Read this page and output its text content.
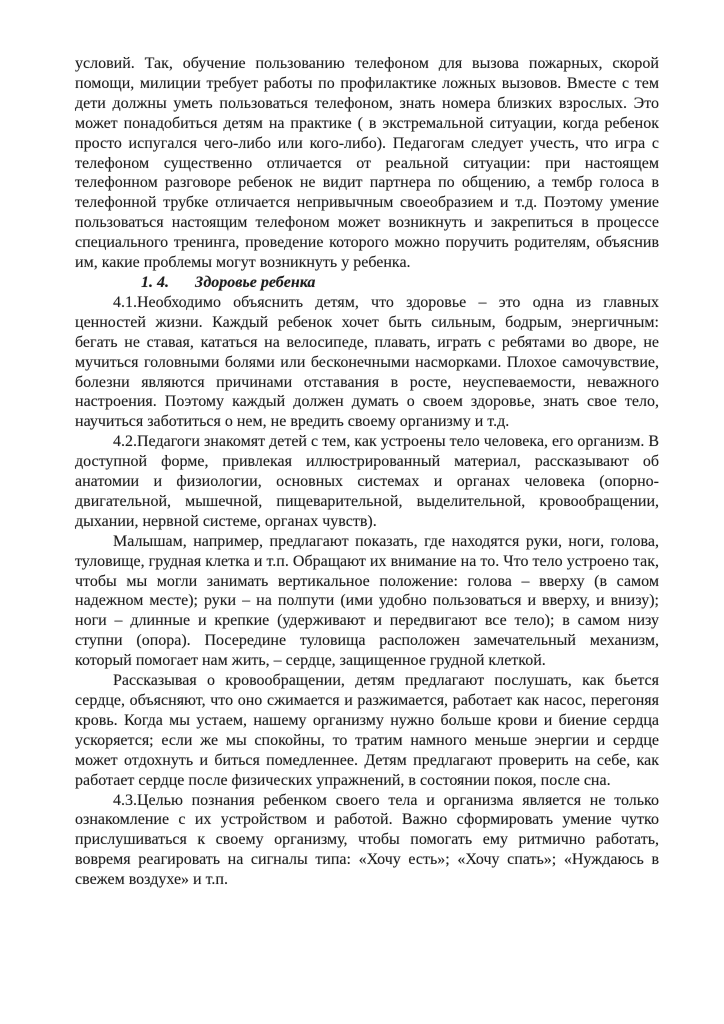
условий. Так, обучение пользованию телефоном для вызова пожарных, скорой помощи, милиции требует работы по профилактике ложных вызовов. Вместе с тем дети должны уметь пользоваться телефоном, знать номера близких взрослых. Это может понадобиться детям на практике ( в экстремальной ситуации, когда ребенок просто испугался чего-либо или кого-либо). Педагогам следует учесть, что игра с телефоном существенно отличается от реальной ситуации: при настоящем телефонном разговоре ребенок не видит партнера по общению, а тембр голоса в телефонной трубке отличается непривычным своеобразием и т.д. Поэтому умение пользоваться настоящим телефоном может возникнуть и закрепиться в процессе специального тренинга, проведение которого можно поручить родителям, объяснив им, какие проблемы могут возникнуть у ребенка.

1. 4. Здоровье ребенка

4.1.Необходимо объяснить детям, что здоровье – это одна из главных ценностей жизни. Каждый ребенок хочет быть сильным, бодрым, энергичным: бегать не ставая, кататься на велосипеде, плавать, играть с ребятами во дворе, не мучиться головными болями или бесконечными насморками. Плохое самочувствие, болезни являются причинами отставания в росте, неуспеваемости, неважного настроения. Поэтому каждый должен думать о своем здоровье, знать свое тело, научиться заботиться о нем, не вредить своему организму и т.д.

4.2.Педагоги знакомят детей с тем, как устроены тело человека, его организм. В доступной форме, привлекая иллюстрированный материал, рассказывают об анатомии и физиологии, основных системах и органах человека (опорно-двигательной, мышечной, пищеварительной, выделительной, кровообращении, дыхании, нервной системе, органах чувств).

Малышам, например, предлагают показать, где находятся руки, ноги, голова, туловище, грудная клетка и т.п. Обращают их внимание на то. Что тело устроено так, чтобы мы могли занимать вертикальное положение: голова – вверху (в самом надежном месте); руки – на полпути (ими удобно пользоваться и вверху, и внизу); ноги – длинные и крепкие (удерживают и передвигают все тело); в самом низу ступни (опора). Посередине туловища расположен замечательный механизм, который помогает нам жить, – сердце, защищенное грудной клеткой.

Рассказывая о кровообращении, детям предлагают послушать, как бьется сердце, объясняют, что оно сжимается и разжимается, работает как насос, перегоняя кровь. Когда мы устаем, нашему организму нужно больше крови и биение сердца ускоряется; если же мы спокойны, то тратим намного меньше энергии и сердце может отдохнуть и биться помедленнее. Детям предлагают проверить на себе, как работает сердце после физических упражнений, в состоянии покоя, после сна.

4.3.Целью познания ребенком своего тела и организма является не только ознакомление с их устройством и работой. Важно сформировать умение чутко прислушиваться к своему организму, чтобы помогать ему ритмично работать, вовремя реагировать на сигналы типа: «Хочу есть»; «Хочу спать»; «Нуждаюсь в свежем воздухе» и т.п.
